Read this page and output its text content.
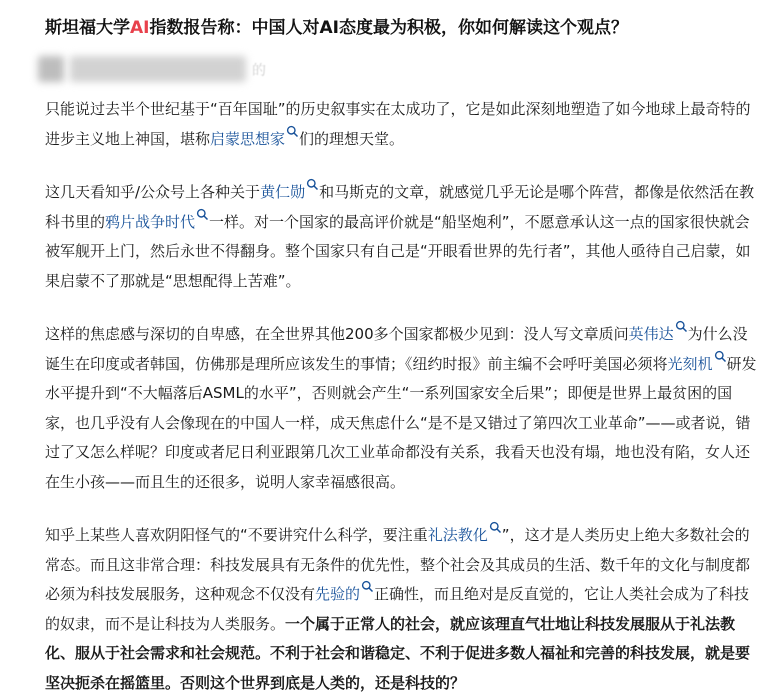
斯坦福大学AI指数报告称：中国人对AI态度最为积极，你如何解读这个观点？
的

只能说过去半个世纪基于“百年国耻”的历史叙事实在太成功了，它是如此深刻地塑造了如今地球上最奇特的进步主义地上神国，堪称启蒙思想家 们的理想天堂。

这几天看知乎/公众号上各种关于黄仁勋 和马斯克的文章，就感觉几乎无论是哪个阵营，都像是依然活在教科书里的鸦片战争时代 一样。对一个国家的最高评价就是“船坚炮利”，不愿意承认这一点的国家很快就会被军舰开上门，然后永世不得翻身。整个国家只有自己是“开眼看世界的先行者”，其他人亟待自己启蒙，如果启蒙不了那就是“思想配得上苦难”。

这样的焦虑感与深切的自卑感，在全世界其他200多个国家都极少见到：没人写文章质问英伟达 为什么没诞生在印度或者韩国，仿佛那是理所应该发生的事情；《纽约时报》前主编不会呼吁美国必须将光刻机 研发水平提升到“不大幅落后ASML的水平”，否则就会产生“一系列国家安全后果”；即便是世界上最贫困的国家，也几乎没有人会像现在的中国人一样，成天焦虑什么“是不是又错过了第四次工业革命”——或者说，错过了又怎么样呢？印度或者尼日利亚跟第几次工业革命都没有关系，我看天也没有塌，地也没有陷，女人还在生小孩——而且生的还很多，说明人家幸福感很高。

知乎上某些人喜欢阴阳怪气的“不要讲究什么科学，要注重礼法教化 ”，这才是人类历史上绝大多数社会的常态。而且这非常合理：科技发展具有无条件的优先性，整个社会及其成员的生活、数千年的文化与制度都必须为科技发展服务，这种观念不仅没有先验的 正确性，而且绝对是反直觉的，它让人类社会成为了科技的奴隶，而不是让科技为人类服务。一个属于正常人的社会，就应该理直气壮地让科技发展服从于礼法教化、服从于社会需求和社会规范。不利于社会和谐稳定、不利于促进多数人福祉和完善的科技发展，就是要坚决扼杀在摇篮里。否则这个世界到底是人类的，还是科技的？
